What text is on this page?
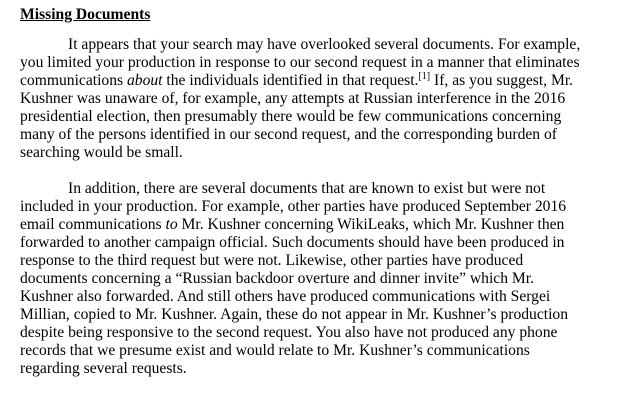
Missing Documents
It appears that your search may have overlooked several documents. For example,
you limited your production in response to our second request in a manner that eliminates
communications about the individuals identified in that request.[1] If, as you suggest, Mr.
Kushner was unaware of, for example, any attempts at Russian interference in the 2016
presidential election, then presumably there would be few communications concerning
many of the persons identified in our second request, and the corresponding burden of
searching would be small.
In addition, there are several documents that are known to exist but were not
included in your production. For example, other parties have produced September 2016
email communications to Mr. Kushner concerning WikiLeaks, which Mr. Kushner then
forwarded to another campaign official. Such documents should have been produced in
response to the third request but were not. Likewise, other parties have produced
documents concerning a “Russian backdoor overture and dinner invite” which Mr.
Kushner also forwarded. And still others have produced communications with Sergei
Millian, copied to Mr. Kushner. Again, these do not appear in Mr. Kushner’s production
despite being responsive to the second request. You also have not produced any phone
records that we presume exist and would relate to Mr. Kushner’s communications
regarding several requests.
